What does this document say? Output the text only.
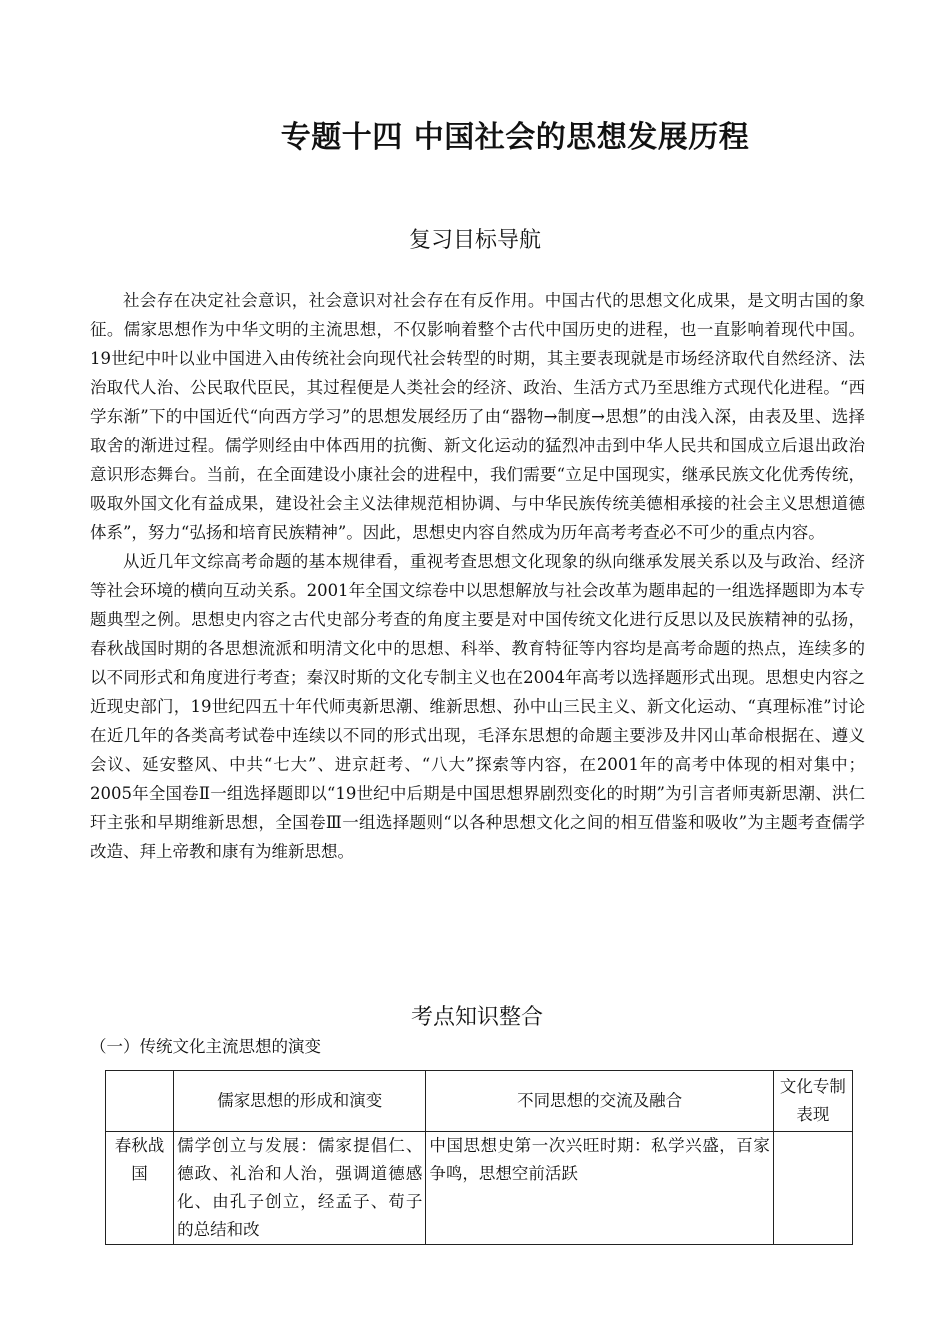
专题十四 中国社会的思想发展历程
复习目标导航

社会存在决定社会意识，社会意识对社会存在有反作用。中国古代的思想文化成果，是文明古国的象征。儒家思想作为中华文明的主流思想，不仅影响着整个古代中国历史的进程，也一直影响着现代中国。19世纪中叶以业中国进入由传统社会向现代社会转型的时期，其主要表现就是市场经济取代自然经济、法治取代人治、公民取代臣民，其过程便是人类社会的经济、政治、生活方式乃至思维方式现代化进程。“西学东渐”下的中国近代“向西方学习”的思想发展经历了由“器物→制度→思想”的由浅入深，由表及里、选择取舍的渐进过程。儒学则经由中体西用的抗衡、新文化运动的猛烈冲击到中华人民共和国成立后退出政治意识形态舞台。当前，在全面建设小康社会的进程中，我们需要“立足中国现实，继承民族文化优秀传统，吸取外国文化有益成果，建设社会主义法律规范相协调、与中华民族传统美德相承接的社会主义思想道德体系”，努力“弘扬和培育民族精神”。因此，思想史内容自然成为历年高考考查必不可少的重点内容。

从近几年文综高考命题的基本规律看，重视考查思想文化现象的纵向继承发展关系以及与政治、经济等社会环境的横向互动关系。2001年全国文综卷中以思想解放与社会改革为题串起的一组选择题即为本专题典型之例。思想史内容之古代史部分考查的角度主要是对中国传统文化进行反思以及民族精神的弘扬，春秋战国时期的各思想流派和明清文化中的思想、科举、教育特征等内容均是高考命题的热点，连续多的以不同形式和角度进行考查；秦汉时斯的文化专制主义也在2004年高考以选择题形式出现。思想史内容之近现史部门，19世纪四五十年代师夷新思潮、维新思想、孙中山三民主义、新文化运动、“真理标准”讨论在近几年的各类高考试卷中连续以不同的形式出现，毛泽东思想的命题主要涉及井冈山革命根据在、遵义会议、延安整风、中共“七大”、进京赶考、“八大”探索等内容，在2001年的高考中体现的相对集中；2005年全国卷Ⅱ一组选择题即以“19世纪中后期是中国思想界剧烈变化的时期”为引言者师夷新思潮、洪仁玕主张和早期维新思想，全国卷Ⅲ一组选择题则“以各种思想文化之间的相互借鉴和吸收”为主题考查儒学改造、拜上帝教和康有为维新思想。

考点知识整合
（一）传统文化主流思想的演变
	儒家思想的形成和演变	不同思想的交流及融合	文化专制表现
春秋战国	儒学创立与发展：儒家提倡仁、德政、礼治和人治，强调道德感化、由孔子创立，经孟子、荀子的总结和改	中国思想史第一次兴旺时期：私学兴盛，百家争鸣，思想空前活跃	
